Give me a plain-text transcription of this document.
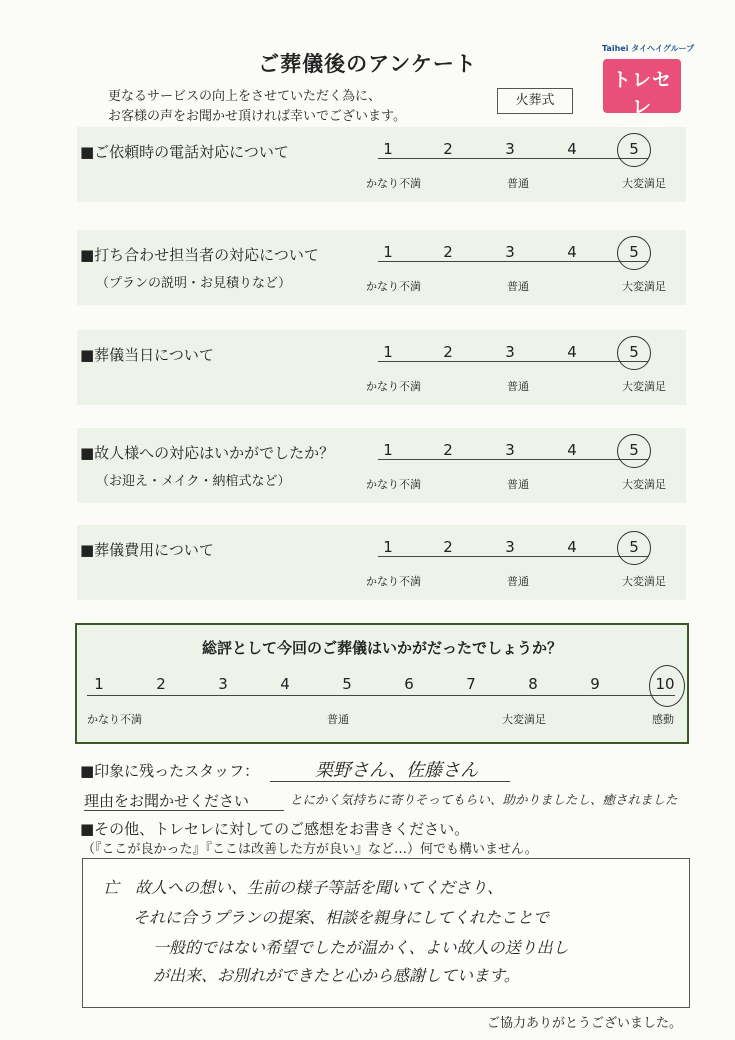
ご葬儀後のアンケート
更なるサービスの向上をさせていただく為に、
お客様の声をお聞かせ頂ければ幸いでございます。
火葬式
Taihei タイヘイグループ
トレセレ
■ご依頼時の電話対応について	1	2	3	4	5
かなり不満	普通	大変満足
■打ち合わせ担当者の対応について
（プランの説明・お見積りなど）
1	2	3	4	5
かなり不満	普通	大変満足
■葬儀当日について	1	2	3	4	5
かなり不満	普通	大変満足
■故人様への対応はいかがでしたか？
（お迎え・メイク・納棺式など）
1	2	3	4	5
かなり不満	普通	大変満足
■葬儀費用について	1	2	3	4	5
かなり不満	普通	大変満足
総評として今回のご葬儀はいかがだったでしょうか？
1	2	3	4	5	6	7	8	9	10
かなり不満	普通	大変満足	感動
■印象に残ったスタッフ：	栗野さん、佐藤さん
理由をお聞かせください	とにかく気持ちに寄りそってもらい、助かりましたし、癒されました
■その他、トレセレに対してのご感想をお書きください。
（『ここが良かった』『ここは改善した方が良い』など…）何でも構いません。
亡　故人への想い、生前の様子等話を聞いてくださり、
それに合うプランの提案、相談を親身にしてくれたことで
一般的ではない希望でしたが温かく、よい故人の送り出し
が出来、お別れができたと心から感謝しています。
ご協力ありがとうございました。
